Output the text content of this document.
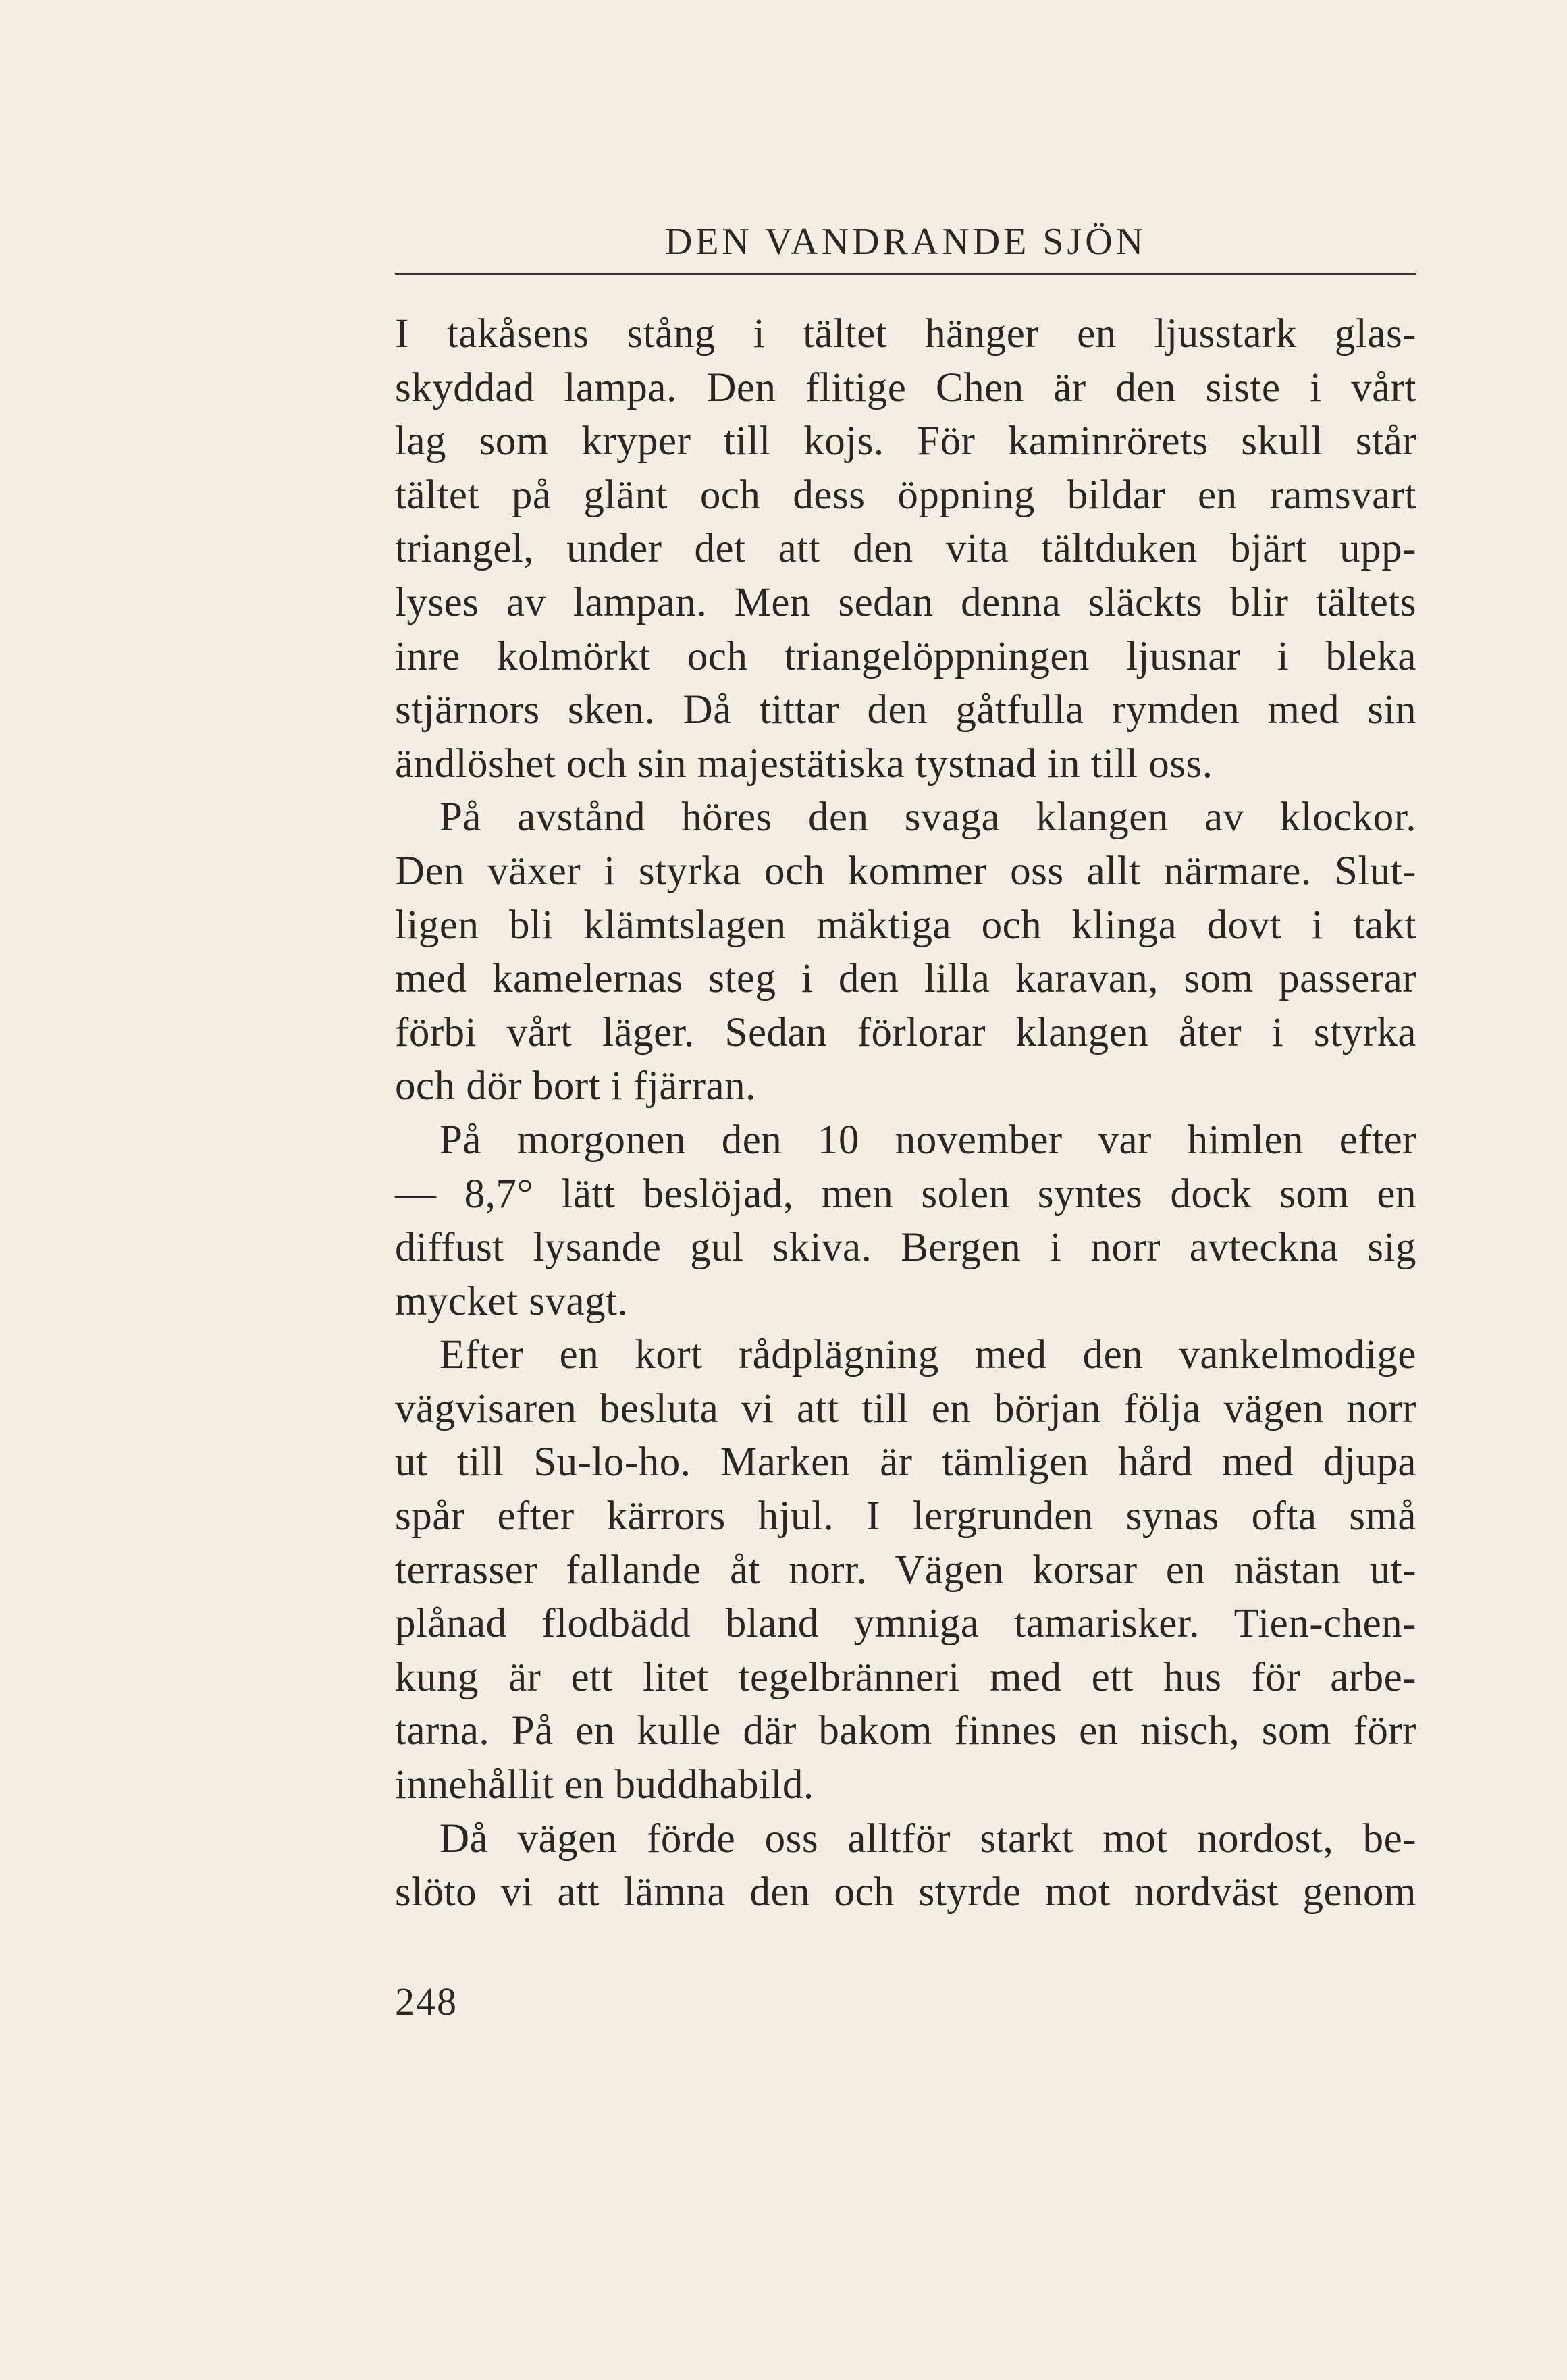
DEN VANDRANDE SJÖN
I takåsens stång i tältet hänger en ljusstark glas-
skyddad lampa. Den flitige Chen är den siste i vårt
lag som kryper till kojs. För kaminrörets skull står
tältet på glänt och dess öppning bildar en ramsvart
triangel, under det att den vita tältduken bjärt upp-
lyses av lampan. Men sedan denna släckts blir tältets
inre kolmörkt och triangelöppningen ljusnar i bleka
stjärnors sken. Då tittar den gåtfulla rymden med sin
ändlöshet och sin majestätiska tystnad in till oss.
På avstånd höres den svaga klangen av klockor.
Den växer i styrka och kommer oss allt närmare. Slut-
ligen bli klämtslagen mäktiga och klinga dovt i takt
med kamelernas steg i den lilla karavan, som passerar
förbi vårt läger. Sedan förlorar klangen åter i styrka
och dör bort i fjärran.
På morgonen den 10 november var himlen efter
— 8,7° lätt beslöjad, men solen syntes dock som en
diffust lysande gul skiva. Bergen i norr avteckna sig
mycket svagt.
Efter en kort rådplägning med den vankelmodige
vägvisaren besluta vi att till en början följa vägen norr
ut till Su-lo-ho. Marken är tämligen hård med djupa
spår efter kärrors hjul. I lergrunden synas ofta små
terrasser fallande åt norr. Vägen korsar en nästan ut-
plånad flodbädd bland ymniga tamarisker. Tien-chen-
kung är ett litet tegelbränneri med ett hus för arbe-
tarna. På en kulle där bakom finnes en nisch, som förr
innehållit en buddhabild.
Då vägen förde oss alltför starkt mot nordost, be-
slöto vi att lämna den och styrde mot nordväst genom
248
